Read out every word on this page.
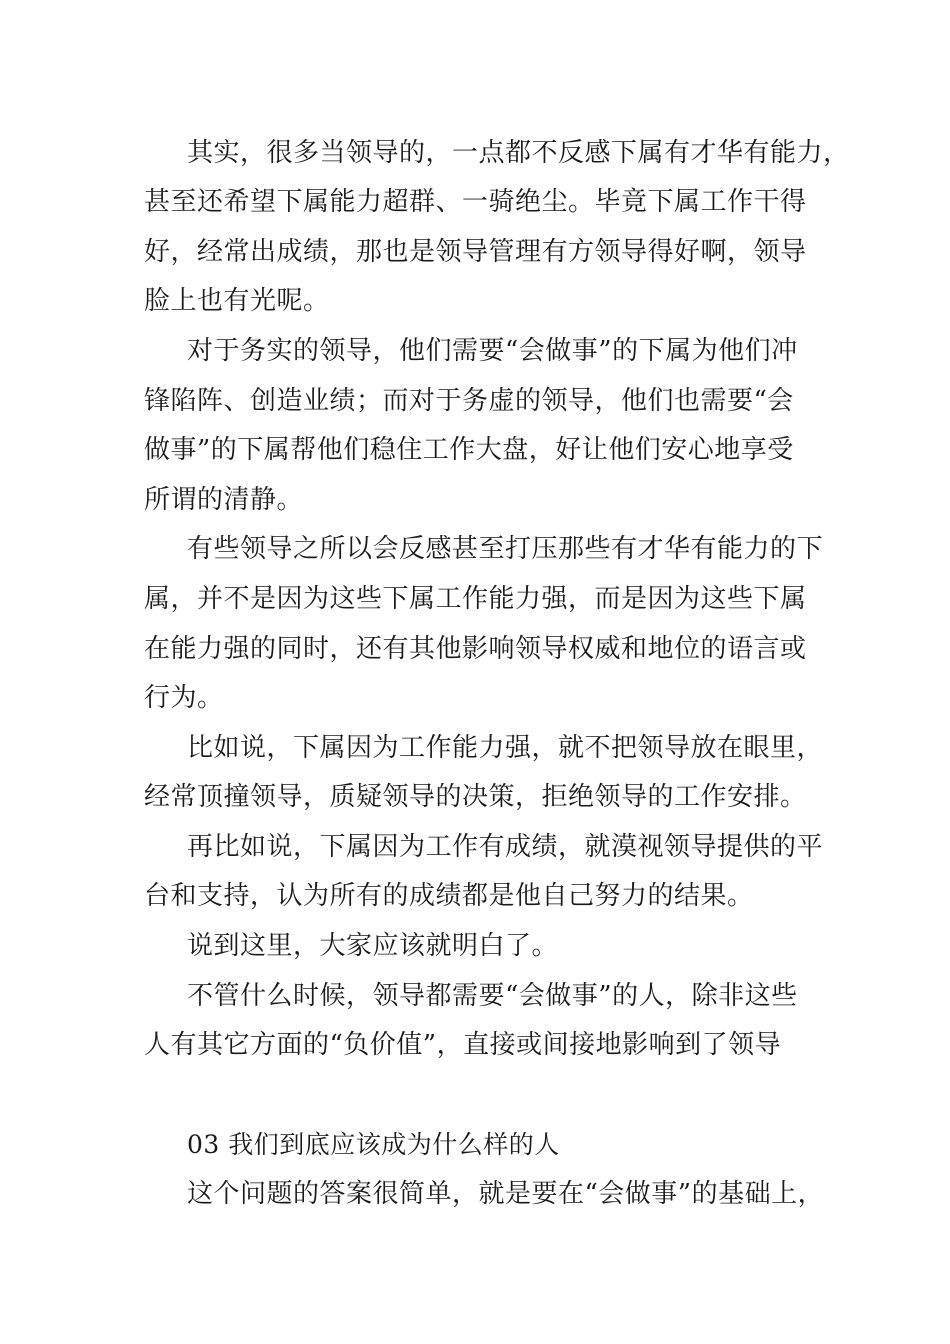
其实，很多当领导的，一点都不反感下属有才华有能力，
甚至还希望下属能力超群、一骑绝尘。毕竟下属工作干得
好，经常出成绩，那也是领导管理有方领导得好啊，领导
脸上也有光呢。
对于务实的领导，他们需要“会做事”的下属为他们冲
锋陷阵、创造业绩；而对于务虚的领导，他们也需要“会
做事”的下属帮他们稳住工作大盘，好让他们安心地享受
所谓的清静。
有些领导之所以会反感甚至打压那些有才华有能力的下
属，并不是因为这些下属工作能力强，而是因为这些下属
在能力强的同时，还有其他影响领导权威和地位的语言或
行为。
比如说，下属因为工作能力强，就不把领导放在眼里，
经常顶撞领导，质疑领导的决策，拒绝领导的工作安排。
再比如说，下属因为工作有成绩，就漠视领导提供的平
台和支持，认为所有的成绩都是他自己努力的结果。
说到这里，大家应该就明白了。
不管什么时候，领导都需要“会做事”的人，除非这些
人有其它方面的“负价值”，直接或间接地影响到了领导
03 我们到底应该成为什么样的人
这个问题的答案很简单，就是要在“会做事”的基础上，
